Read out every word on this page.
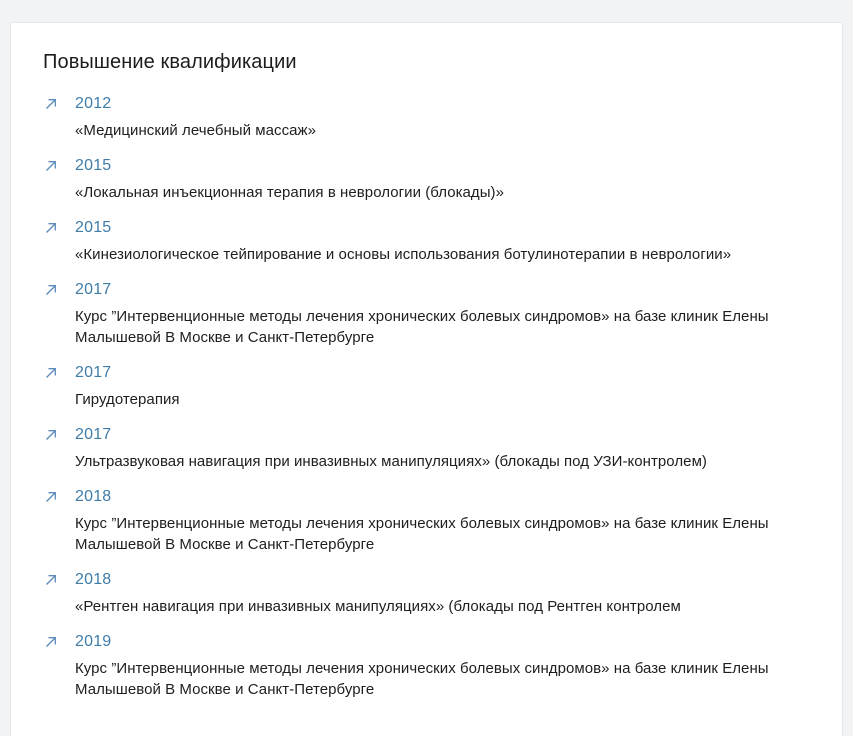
Повышение квалификации
2012
«Медицинский лечебный массаж»
2015
«Локальная инъекционная терапия в неврологии (блокады)»
2015
«Кинезиологическое тейпирование и основы использования ботулинотерапии в неврологии»
2017
Курс ”Интервенционные методы лечения хронических болевых синдромов» на базе клиник Елены Малышевой В Москве и Санкт-Петербурге
2017
Гирудотерапия
2017
Ультразвуковая навигация при инвазивных манипуляциях» (блокады под УЗИ-контролем)
2018
Курс ”Интервенционные методы лечения хронических болевых синдромов» на базе клиник Елены Малышевой В Москве и Санкт-Петербурге
2018
«Рентген навигация при инвазивных манипуляциях» (блокады под Рентген контролем
2019
Курс ”Интервенционные методы лечения хронических болевых синдромов» на базе клиник Елены Малышевой В Москве и Санкт-Петербурге
